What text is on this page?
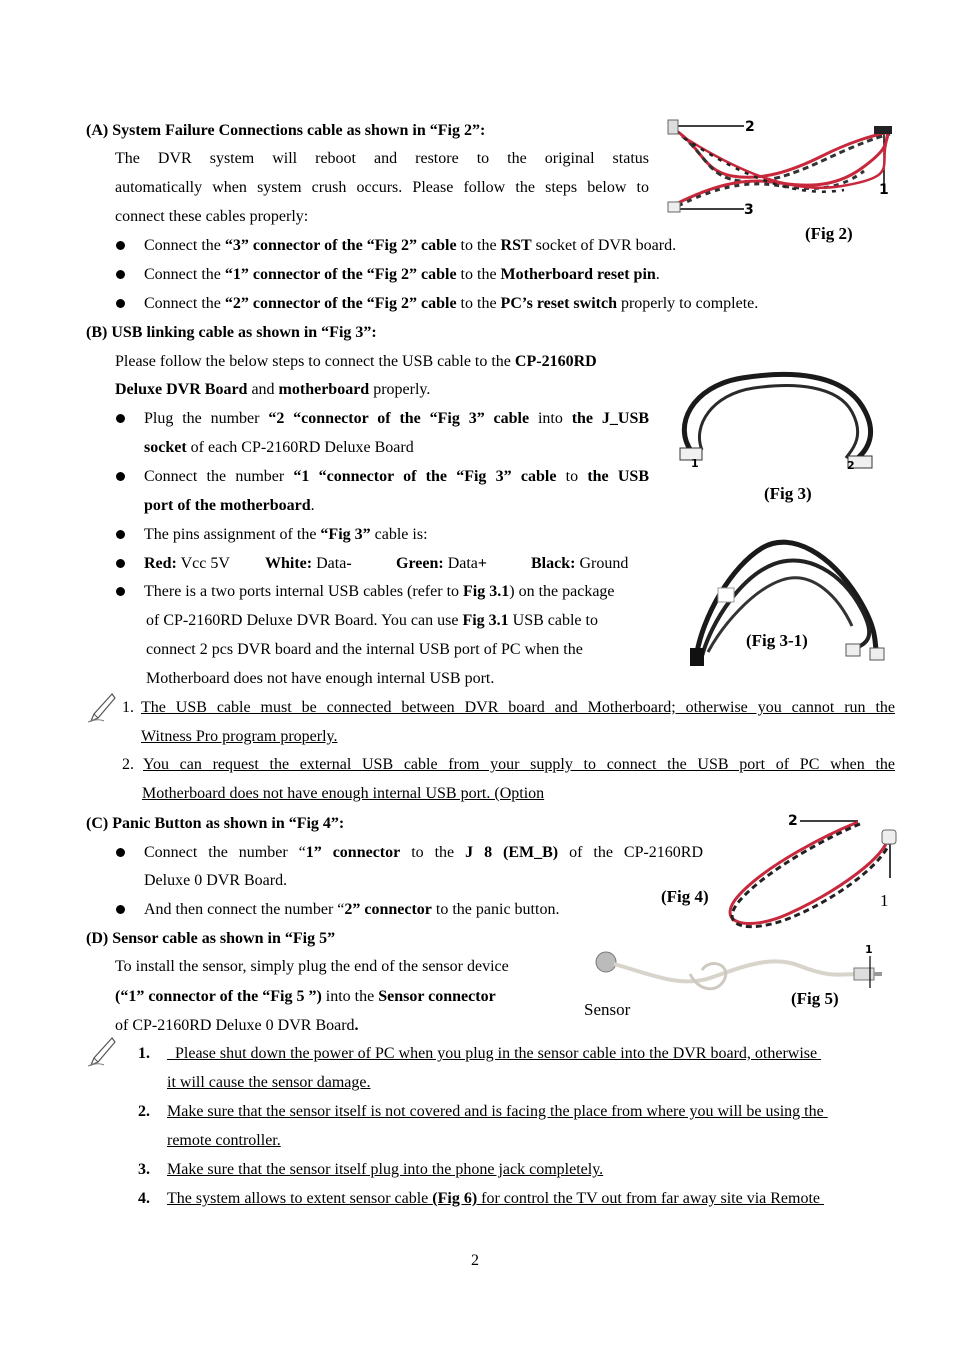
(A) System Failure Connections cable as shown in “Fig 2”:
The DVR system will reboot and restore to the original status
automatically when system crush occurs. Please follow the steps below to
connect these cables properly:
Connect the “3” connector of the “Fig 2” cable to the RST socket of DVR board.
Connect the “1” connector of the “Fig 2” cable to the Motherboard reset pin.
Connect the “2” connector of the “Fig 2” cable to the PC’s reset switch properly to complete.
2
1
3
(Fig 2)
(B) USB linking cable as shown in “Fig 3”:
Please follow the below steps to connect the USB cable to the CP-2160RD
Deluxe DVR Board and motherboard properly.
Plug the number “2 “connector of the “Fig 3” cable into the J_USB
socket of each CP-2160RD Deluxe Board
Connect the number “1 “connector of the “Fig 3” cable to the USB
port of the motherboard.
The pins assignment of the “Fig 3” cable is:
Red: Vcc 5V White: Data-	Green: Data+	Black: Ground
There is a two ports internal USB cables (refer to Fig 3.1) on the package
of CP-2160RD Deluxe DVR Board. You can use Fig 3.1 USB cable to
connect 2 pcs DVR board and the internal USB port of PC when the
Motherboard does not have enough internal USB port.
1	2
(Fig 3)
(Fig 3-1)
1. The USB cable must be connected between DVR board and Motherboard; otherwise you cannot run the
Witness Pro program properly.
2. You can request the external USB cable from your supply to connect the USB port of PC when the
Motherboard does not have enough internal USB port. (Option
(C) Panic Button as shown in “Fig 4”:
Connect the number “1” connector to the J 8 (EM_B) of the CP-2160RD
Deluxe 0 DVR Board.
And then connect the number “2” connector to the panic button.
2
1
(Fig 4)
(D) Sensor cable as shown in “Fig 5”
To install the sensor, simply plug the end of the sensor device
(“1” connector of the “Fig 5 ”) into the Sensor connector
of CP-2160RD Deluxe 0 DVR Board.
1
Sensor
(Fig 5)
1. Please shut down the power of PC when you plug in the sensor cable into the DVR board, otherwise
it will cause the sensor damage.
2. Make sure that the sensor itself is not covered and is facing the place from where you will be using the
remote controller.
3. Make sure that the sensor itself plug into the phone jack completely.
4. The system allows to extent sensor cable (Fig 6) for control the TV out from far away site via Remote
2
